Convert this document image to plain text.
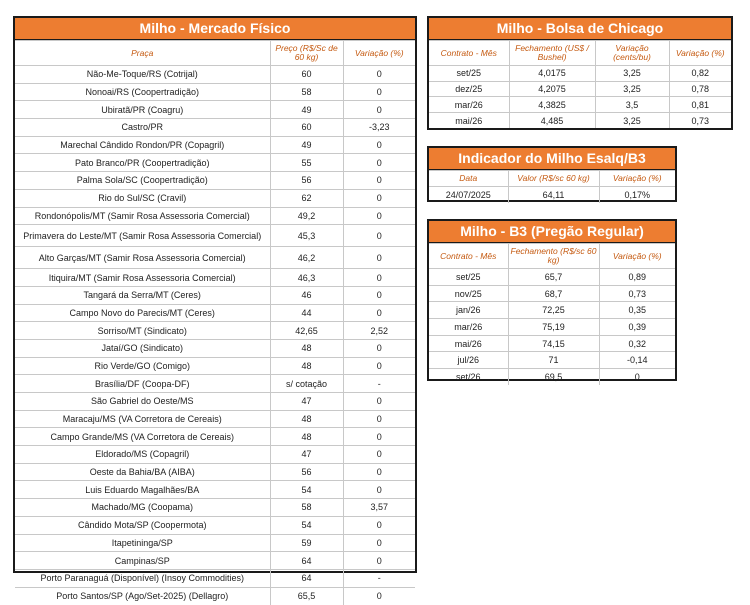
Milho - Mercado Físico
Praça	Preço (R$/Sc de 60 kg)	Variação (%)
Não-Me-Toque/RS (Cotrijal)	60	0
Nonoai/RS (Coopertradição)	58	0
Ubiratã/PR (Coagru)	49	0
Castro/PR	60	-3,23
Marechal Cândido Rondon/PR (Copagril)	49	0
Pato Branco/PR (Coopertradição)	55	0
Palma Sola/SC (Coopertradição)	56	0
Rio do Sul/SC (Cravil)	62	0
Rondonópolis/MT (Samir Rosa Assessoria Comercial)	49,2	0
Primavera do Leste/MT (Samir Rosa Assessoria Comercial)	45,3	0
Alto Garças/MT (Samir Rosa Assessoria Comercial)	46,2	0
Itiquira/MT (Samir Rosa Assessoria Comercial)	46,3	0
Tangará da Serra/MT (Ceres)	46	0
Campo Novo do Parecis/MT (Ceres)	44	0
Sorriso/MT (Sindicato)	42,65	2,52
Jataí/GO (Sindicato)	48	0
Rio Verde/GO (Comigo)	48	0
Brasília/DF (Coopa-DF)	s/ cotação	-
São Gabriel do Oeste/MS	47	0
Maracaju/MS (VA Corretora de Cereais)	48	0
Campo Grande/MS (VA Corretora de Cereais)	48	0
Eldorado/MS (Copagril)	47	0
Oeste da Bahia/BA (AIBA)	56	0
Luis Eduardo Magalhães/BA	54	0
Machado/MG (Coopama)	58	3,57
Cândido Mota/SP (Coopermota)	54	0
Itapetininga/SP	59	0
Campinas/SP	64	0
Porto Paranaguá (Disponível) (Insoy Commodities)	64	-
Porto Santos/SP (Ago/Set-2025) (Dellagro)	65,5	0
Milho - Bolsa de Chicago
Contrato - Mês	Fechamento (US$ / Bushel)	Variação (cents/bu)	Variação (%)
set/25	4,0175	3,25	0,82
dez/25	4,2075	3,25	0,78
mar/26	4,3825	3,5	0,81
mai/26	4,485	3,25	0,73
Indicador do Milho Esalq/B3
Data	Valor (R$/sc 60 kg)	Variação (%)
24/07/2025	64,11	0,17%
Milho - B3 (Pregão Regular)
Contrato - Mês	Fechamento (R$/sc 60 kg)	Variação (%)
set/25	65,7	0,89
nov/25	68,7	0,73
jan/26	72,25	0,35
mar/26	75,19	0,39
mai/26	74,15	0,32
jul/26	71	-0,14
set/26	69,5	0
